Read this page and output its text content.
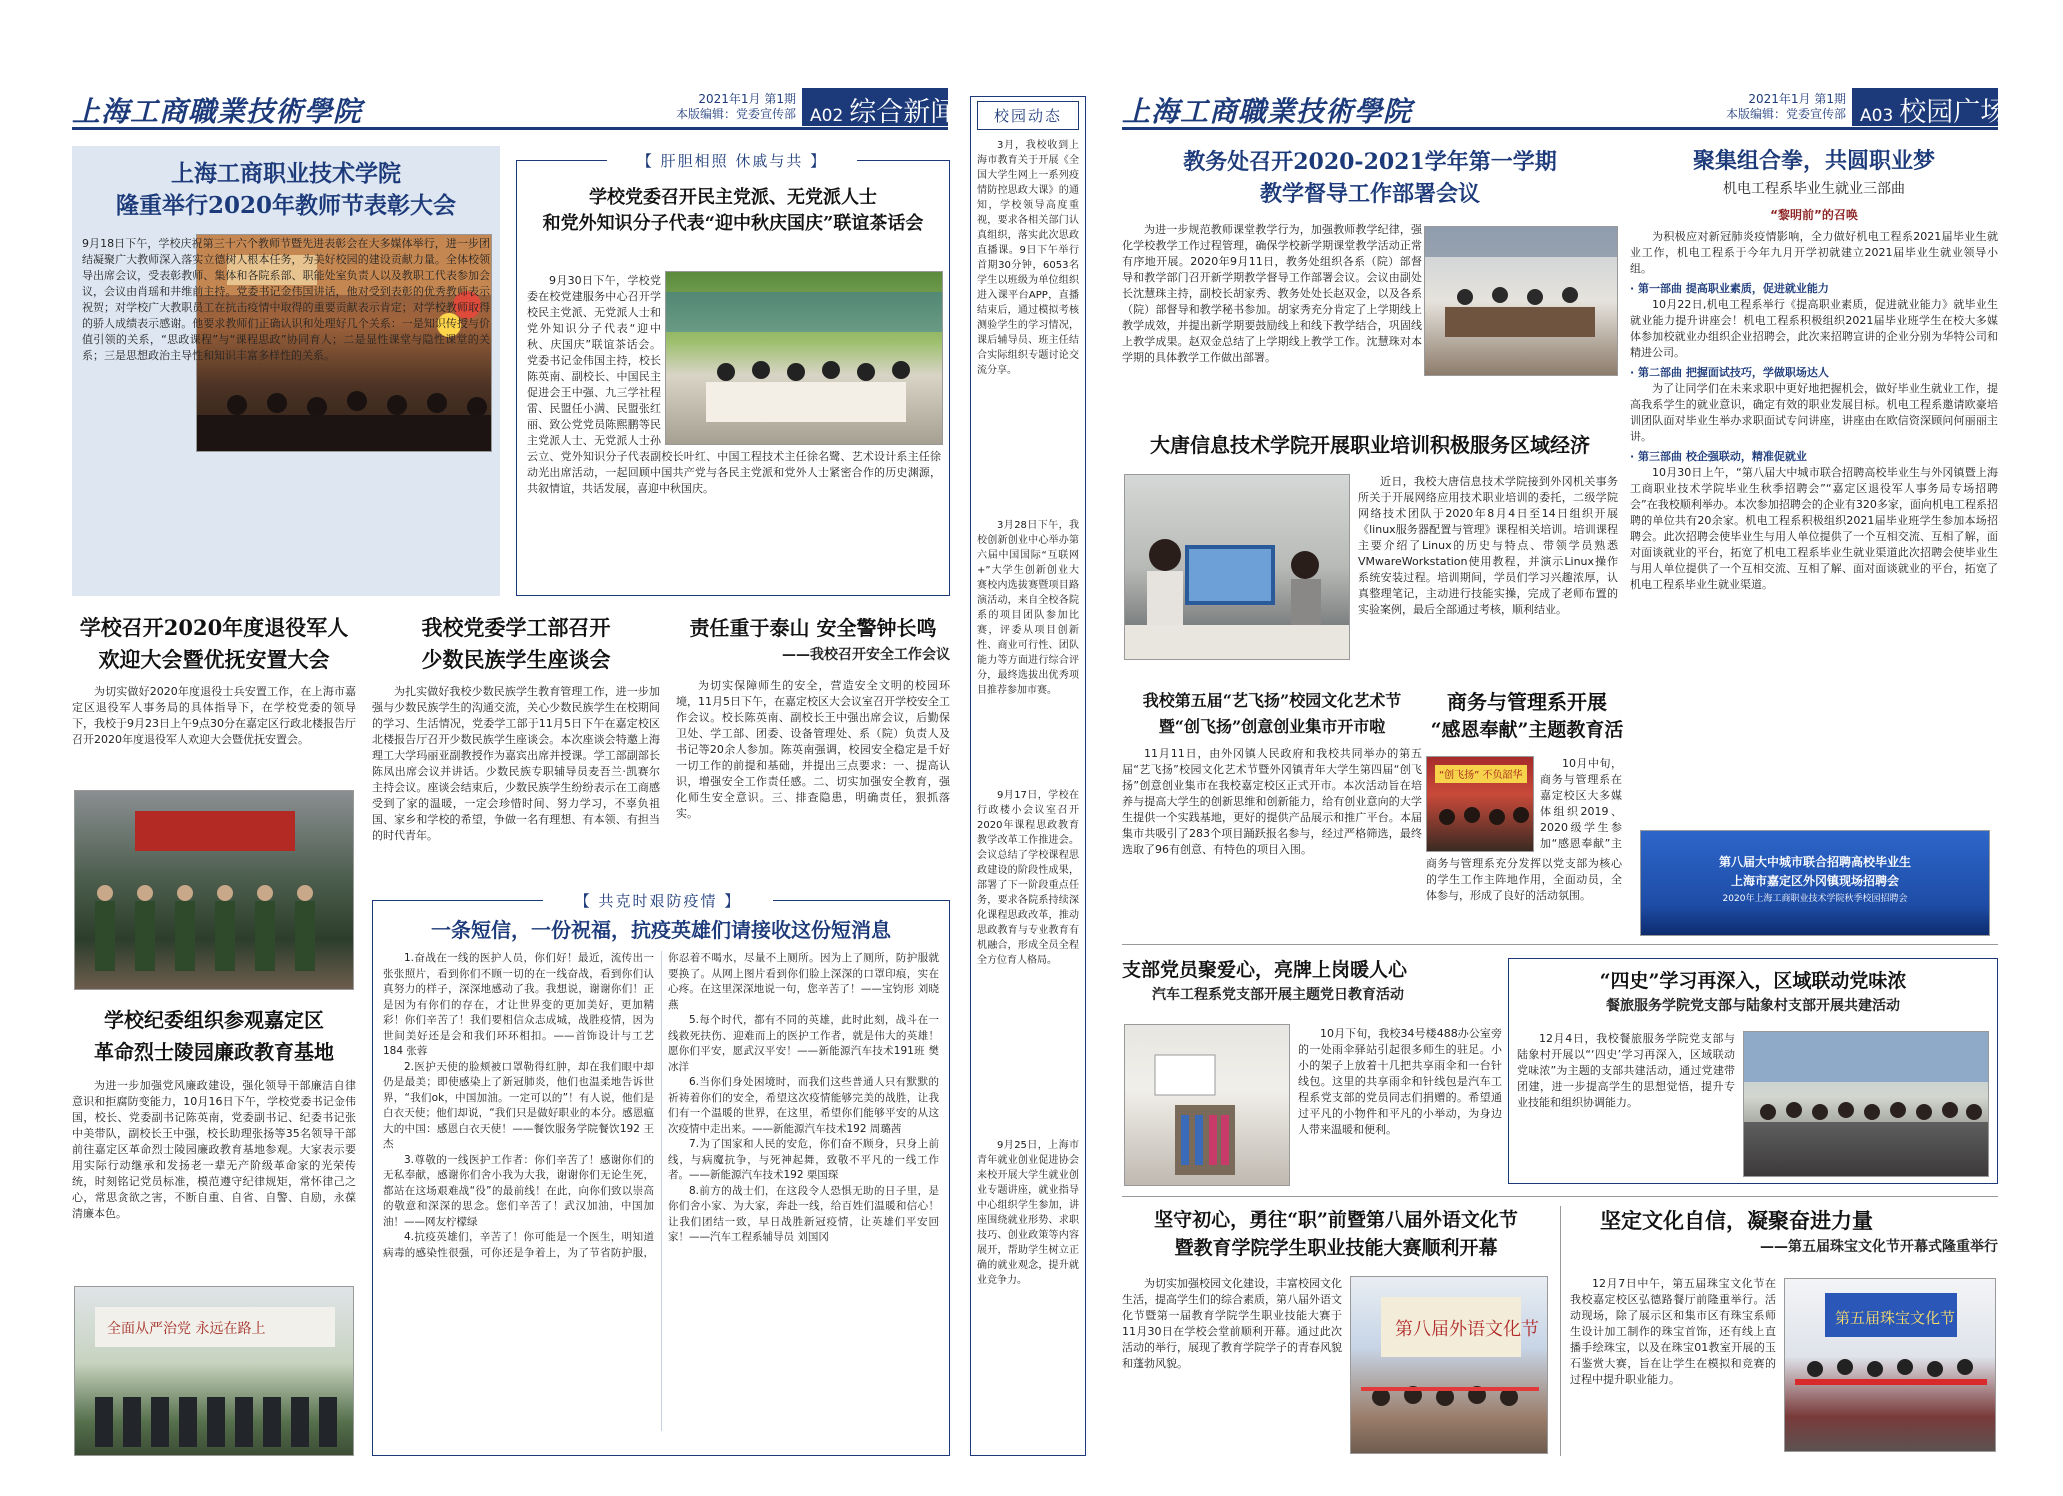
上海工商職業技術學院	2021年1月 第1期
本版编辑：党委宣传部 A02 综合新闻	上海工商職業技術學院	2021年1月 第1期
本版编辑：党委宣传部 A03 校园广场
上海工商职业技术学院
隆重举行2020年教师节表彰大会

9月18日下午，学校庆祝第三十六个教师节暨先进表彰会在大多媒体举行，进一步团结凝聚广大教师深入落实立德树人根本任务，为美好校园的建设贡献力量。全体校领导出席会议，受表彰教师、集体和各院系部、职能处室负责人以及教职工代表参加会议，会议由肖瑶和井维前主持。党委书记金伟国讲话，他对受到表彰的优秀教师表示祝贺；对学校广大教职员工在抗击疫情中取得的重要贡献表示肯定；对学校教师取得的骄人成绩表示感谢。他要求教师们正确认识和处理好几个关系：一是知识传授与价值引领的关系，“思政课程”与“课程思政”协同育人；二是显性课堂与隐性课堂的关系；三是思想政治主导性和知识丰富多样性的关系。

【 肝胆相照 休戚与共 】
学校党委召开民主党派、无党派人士
和党外知识分子代表“迎中秋庆国庆”联谊茶话会

9月30日下午，学校党委在校党建服务中心召开学校民主党派、无党派人士和党外知识分子代表“迎中秋、庆国庆”联谊茶话会。党委书记金伟国主持，校长陈英南、副校长、中国民主促进会王中强、九三学社程雷、民盟任小满、民盟张红丽、致公党党员陈熙鹏等民主党派人士、无党派人士孙云立、党外知识分子代表副校长叶红、中国工程技术主任徐名鹭、艺术设计系主任徐动光出席活动，一起回顾中国共产党与各民主党派和党外人士紧密合作的历史渊源，共叙情谊，共话发展，喜迎中秋国庆。

校园动态

3月，我校收到上海市教育关于开展《全国大学生网上一系列疫情防控思政大课》的通知，学校领导高度重视，要求各相关部门认真组织，落实此次思政直播课。9日下午举行首期30分钟，6053名学生以班级为单位组织进入课平台APP，直播结束后，通过模拟考核测验学生的学习情况，课后辅导员、班主任结合实际组织专题讨论交流分享。

3月28日下午，我校创新创业中心举办第六届中国国际“互联网+”大学生创新创业大赛校内选拔赛暨项目路演活动，来自全校各院系的项目团队参加比赛，评委从项目创新性、商业可行性、团队能力等方面进行综合评分，最终选拔出优秀项目推荐参加市赛。

9月17日，学校在行政楼小会议室召开2020年课程思政教育教学改革工作推进会。会议总结了学校课程思政建设的阶段性成果，部署了下一阶段重点任务，要求各院系持续深化课程思政改革，推动思政教育与专业教育有机融合，形成全员全程全方位育人格局。

9月25日，上海市青年就业创业促进协会来校开展大学生就业创业专题讲座，就业指导中心组织学生参加，讲座围绕就业形势、求职技巧、创业政策等内容展开，帮助学生树立正确的就业观念，提升就业竞争力。

学校召开2020年度退役军人
欢迎大会暨优抚安置大会

为切实做好2020年度退役士兵安置工作，在上海市嘉定区退役军人事务局的具体指导下，在学校党委的领导下，我校于9月23日上午9点30分在嘉定区行政北楼报告厅召开2020年度退役军人欢迎大会暨优抚安置会。

我校党委学工部召开
少数民族学生座谈会

为扎实做好我校少数民族学生教育管理工作，进一步加强与少数民族学生的沟通交流，关心少数民族学生在校期间的学习、生活情况，党委学工部于11月5日下午在嘉定校区北楼报告厅召开少数民族学生座谈会。本次座谈会特邀上海理工大学玛丽亚副教授作为嘉宾出席并授课。学工部副部长陈凤出席会议并讲话。少数民族专职辅导员麦吾兰·凯赛尔主持会议。座谈会结束后，少数民族学生纷纷表示在工商感受到了家的温暖，一定会珍惜时间、努力学习，不辜负祖国、家乡和学校的希望，争做一名有理想、有本领、有担当的时代青年。

责任重于泰山 安全警钟长鸣
——我校召开安全工作会议

为切实保障师生的安全，营造安全文明的校园环境，11月5日下午，在嘉定校区大会议室召开学校安全工作会议。校长陈英南、副校长王中强出席会议，后勤保卫处、学工部、团委、设备管理处、系（院）负责人及书记等20余人参加。陈英南强调，校园安全稳定是千好一切工作的前提和基础，并提出三点要求：一、提高认识，增强安全工作责任感。二、切实加强安全教育，强化师生安全意识。三、排查隐患，明确责任，狠抓落实。

学校纪委组织参观嘉定区
革命烈士陵园廉政教育基地

为进一步加强党风廉政建设，强化领导干部廉洁自律意识和拒腐防变能力，10月16日下午，学校党委书记金伟国，校长、党委副书记陈英南，党委副书记、纪委书记张中美带队，副校长王中强，校长助理张扬等35名领导干部前往嘉定区革命烈士陵园廉政教育基地参观。大家表示要用实际行动继承和发扬老一辈无产阶级革命家的光荣传统，时刻铭记党员标准，模范遵守纪律规矩，常怀律己之心，常思贪欲之害，不断自重、自省、自警、自励，永葆清廉本色。

全面从严治党 永远在路上
【 共克时艰防疫情 】
一条短信，一份祝福，抗疫英雄们请接收这份短消息

1.奋战在一线的医护人员，你们好！最近，流传出一张张照片，看到你们不顾一切的在一线奋战，看到你们认真努力的样子，深深地感动了我。我想说，谢谢你们！正是因为有你们的存在，才让世界变的更加美好，更加精彩！你们辛苦了！我们要相信众志成城，战胜疫情，因为世间美好还是会和我们环环相扣。——首饰设计与工艺184 张蓉

2.医护天使的脸颊被口罩勒得红肿，却在我们眼中却仍是最美；即使感染上了新冠肺炎，他们也温柔地告诉世界，“我们ok，中国加油。一定可以的”！有人说，他们是白衣天使；他们却说，“我们只是做好职业的本分。感恩瘟大的中国：感恩白衣天使！——餐饮服务学院餐饮192 王杰

3.尊敬的一线医护工作者：你们辛苦了！感谢你们的无私奉献，感谢你们舍小我为大我，谢谢你们无论生死，都站在这场艰难战“役”的最前线！在此，向你们致以崇高的敬意和深深的思念。您们辛苦了！武汉加油，中国加油！——网友柠檬绿

4.抗疫英雄们，辛苦了！你可能是一个医生，明知道病毒的感染性很强，可你还是争着上，为了节省防护服，你忍着不喝水，尽量不上厕所。因为上了厕所，防护服就要换了。从网上图片看到你们脸上深深的口罩印痕，实在心疼。在这里深深地说一句，您辛苦了！——宝钧形 刘晓燕

5.每个时代，都有不同的英雄，此时此刻，战斗在一线救死扶伤、迎难而上的医护工作者，就是伟大的英雄！愿你们平安，愿武汉平安！——新能源汽车技术191班 樊冰洋

6.当你们身处困境时，而我们这些普通人只有默默的祈祷着你们的安全，希望这次疫情能够完美的战胜，让我们有一个温暖的世界，在这里，希望你们能够平安的从这次疫情中走出来。——新能源汽车技术192 周璐茜

7.为了国家和人民的安危，你们奋不顾身，只身上前线，与病魔抗争，与死神起舞，致敬不平凡的一线工作者。——新能源汽车技术192 栗国琛

8.前方的战士们，在这段令人恐惧无助的日子里，是你们舍小家、为大家，奔赴一线，给百姓们温暖和信心！让我们团结一致，早日战胜新冠疫情，让英雄们平安回家！——汽车工程系辅导员 刘国冈

教务处召开2020-2021学年第一学期
教学督导工作部署会议

为进一步规范教师课堂教学行为，加强教师教学纪律，强化学校教学工作过程管理，确保学校新学期课堂教学活动正常有序地开展。2020年9月11日，教务处组织各系（院）部督导和教学部门召开新学期教学督导工作部署会议。会议由副处长沈慧珠主持，副校长胡家秀、教务处处长赵双金，以及各系（院）部督导和教学秘书参加。胡家秀充分肯定了上学期线上教学成效，并提出新学期要鼓励线上和线下教学结合，巩固线上教学成果。赵双金总结了上学期线上教学工作。沈慧珠对本学期的具体教学工作做出部署。

聚集组合拳，共圆职业梦
机电工程系毕业生就业三部曲
“黎明前”的召唤

为积极应对新冠肺炎疫情影响，全力做好机电工程系2021届毕业生就业工作，机电工程系于今年九月开学初就建立2021届毕业生就业领导小组。

· 第一部曲 提高职业素质，促进就业能力

10月22日,机电工程系举行《提高职业素质，促进就业能力》就毕业生就业能力提升讲座会！机电工程系积极组织2021届毕业班学生在校大多媒体参加校就业办组织企业招聘会，此次来招聘宣讲的企业分别为华特公司和精进公司。

· 第二部曲 把握面试技巧，学做职场达人

为了让同学们在未来求职中更好地把握机会，做好毕业生就业工作，提高我系学生的就业意识，确定有效的职业发展目标。机电工程系邀请欧豪培训团队面对毕业生举办求职面试专问讲座，讲座由在欧信资深顾问何丽丽主讲。

· 第三部曲 校企强联动，精准促就业

10月30日上午，“第八届大中城市联合招聘高校毕业生与外冈镇暨上海工商职业技术学院毕业生秋季招聘会”“嘉定区退役军人事务局专场招聘会”在我校顺利举办。本次参加招聘会的企业有320多家，面向机电工程系招聘的单位共有20余家。机电工程系积极组织2021届毕业班学生参加本场招聘会。此次招聘会使毕业生与用人单位提供了一个互相交流、互相了解，面对面谈就业的平台，拓宽了机电工程系毕业生就业渠道此次招聘会使毕业生与用人单位提供了一个互相交流、互相了解、面对面谈就业的平台，拓宽了机电工程系毕业生就业渠道。

第八届大中城市联合招聘高校毕业生
上海市嘉定区外冈镇现场招聘会
2020年上海工商职业技术学院秋季校园招聘会
大唐信息技术学院开展职业培训积极服务区域经济

近日，我校大唐信息技术学院接到外冈机关事务所关于开展网络应用技术职业培训的委托，二级学院网络技术团队于2020年8月4日至14日组织开展《linux服务器配置与管理》课程相关培训。培训课程主要介绍了Linux的历史与特点、带领学员熟悉VMwareWorkstation使用教程，并演示Linux操作系统安装过程。培训期间，学员们学习兴趣浓厚，认真整理笔记，主动进行技能实操，完成了老师布置的实验案例，最后全部通过考核，顺利结业。

我校第五届“艺飞扬”校园文化艺术节
暨“创飞扬”创意创业集市开市啦

11月11日，由外冈镇人民政府和我校共同举办的第五届“艺飞扬”校园文化艺术节暨外冈镇青年大学生第四届“创飞扬”创意创业集市在我校嘉定校区正式开市。本次活动旨在培养与提高大学生的创新思维和创新能力，给有创业意向的大学生提供一个实践基地，更好的提供产品展示和推广平台。本届集市共吸引了283个项目踊跃报名参与，经过严格筛选，最终选取了96有创意、有特色的项目入围。

商务与管理系开展
“感恩奉献”主题教育活
“创飞扬” 不负韶华

10月中旬，商务与管理系在嘉定校区大多媒体组织2019、2020级学生参加“感恩奉献”主

商务与管理系充分发挥以党支部为核心的学生工作主阵地作用，全面动员，全体参与，形成了良好的活动氛围。

支部党员聚爱心，亮牌上岗暖人心
汽车工程系党支部开展主题党日教育活动

10月下旬，我校34号楼488办公室旁的一处雨伞驿站引起很多师生的驻足。小小的架子上放着十几把共享雨伞和一台针线包。这里的共享雨伞和针线包是汽车工程系党支部的党员同志们捐赠的。希望通过平凡的小物件和平凡的小举动，为身边人带来温暖和便利。

“四史”学习再深入，区域联动党味浓
餐旅服务学院党支部与陆象村支部开展共建活动

12月4日，我校餐旅服务学院党支部与陆象村开展以“‘四史’学习再深入，区域联动党味浓”为主题的支部共建活动，通过党建带团建，进一步提高学生的思想觉悟，提升专业技能和组织协调能力。

坚守初心，勇往“职”前暨第八届外语文化节
暨教育学院学生职业技能大赛顺利开幕

为切实加强校园文化建设，丰富校园文化生活，提高学生们的综合素质，第八届外语文化节暨第一届教育学院学生职业技能大赛于11月30日在学校会堂前顺利开幕。通过此次活动的举行，展现了教育学院学子的青春风貌和蓬勃风貌。

第八届外语文化节
坚定文化自信，凝聚奋进力量
——第五届珠宝文化节开幕式隆重举行

12月7日中午，第五届珠宝文化节在我校嘉定校区弘德路餐厅前隆重举行。活动现场，除了展示区和集市区有珠宝系师生设计加工制作的珠宝首饰，还有线上直播手绘珠宝，以及在珠宝01教室开展的玉石鉴赏大赛，旨在让学生在模拟和竞赛的过程中提升职业能力。

第五届珠宝文化节
